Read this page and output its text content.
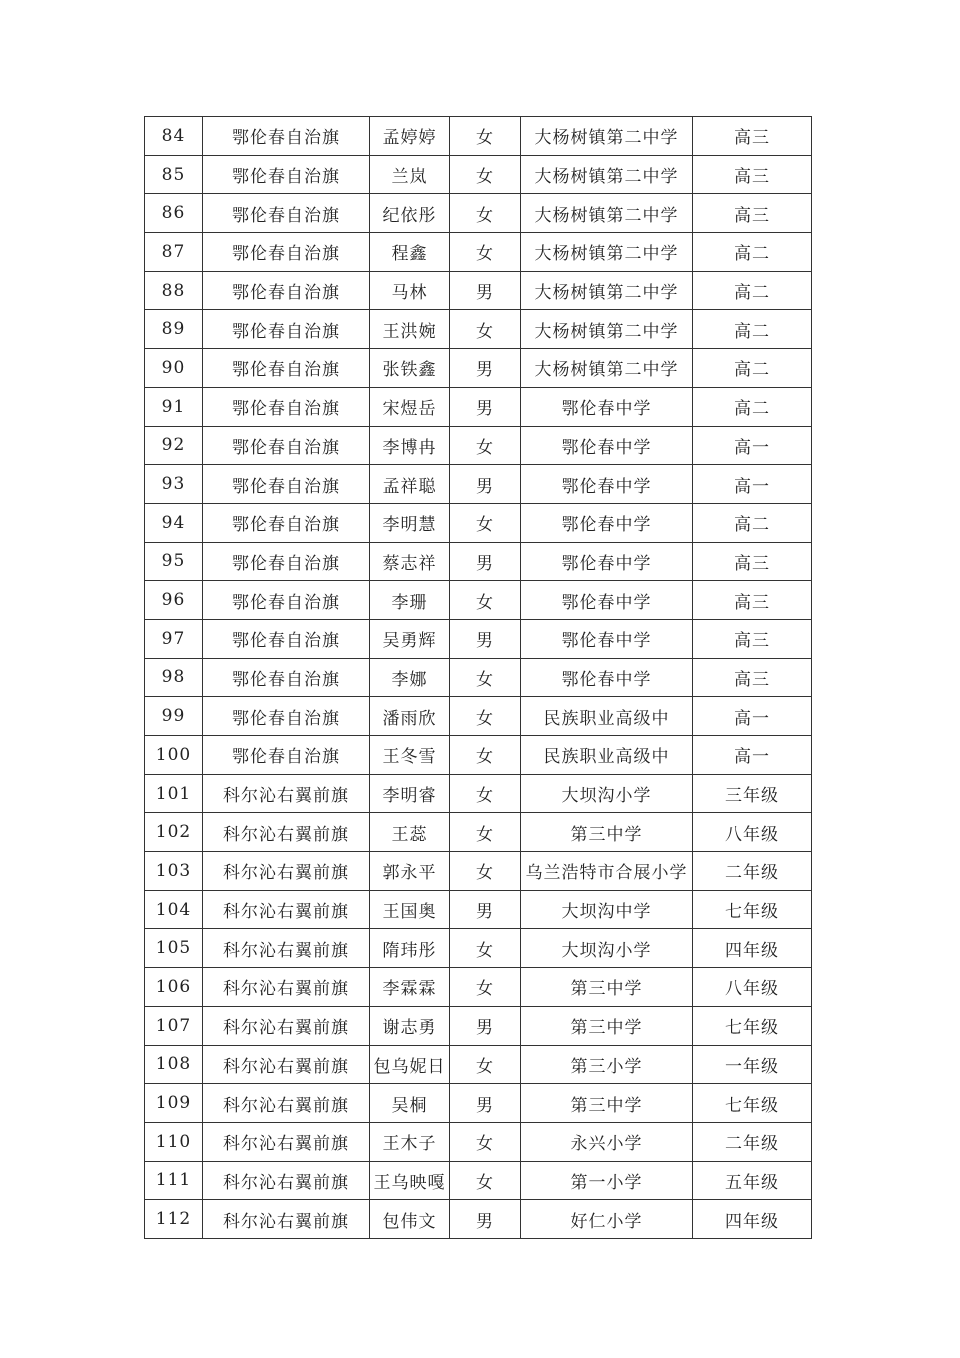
84	鄂伦春自治旗	孟婷婷	女	大杨树镇第二中学	高三
85	鄂伦春自治旗	兰岚	女	大杨树镇第二中学	高三
86	鄂伦春自治旗	纪依彤	女	大杨树镇第二中学	高三
87	鄂伦春自治旗	程鑫	女	大杨树镇第二中学	高二
88	鄂伦春自治旗	马林	男	大杨树镇第二中学	高二
89	鄂伦春自治旗	王洪婉	女	大杨树镇第二中学	高二
90	鄂伦春自治旗	张铁鑫	男	大杨树镇第二中学	高二
91	鄂伦春自治旗	宋煜岳	男	鄂伦春中学	高二
92	鄂伦春自治旗	李博冉	女	鄂伦春中学	高一
93	鄂伦春自治旗	孟祥聪	男	鄂伦春中学	高一
94	鄂伦春自治旗	李明慧	女	鄂伦春中学	高二
95	鄂伦春自治旗	蔡志祥	男	鄂伦春中学	高三
96	鄂伦春自治旗	李珊	女	鄂伦春中学	高三
97	鄂伦春自治旗	吴勇辉	男	鄂伦春中学	高三
98	鄂伦春自治旗	李娜	女	鄂伦春中学	高三
99	鄂伦春自治旗	潘雨欣	女	民族职业高级中	高一
100	鄂伦春自治旗	王冬雪	女	民族职业高级中	高一
101	科尔沁右翼前旗	李明睿	女	大坝沟小学	三年级
102	科尔沁右翼前旗	王蕊	女	第三中学	八年级
103	科尔沁右翼前旗	郭永平	女	乌兰浩特市合展小学	二年级
104	科尔沁右翼前旗	王国奥	男	大坝沟中学	七年级
105	科尔沁右翼前旗	隋玮彤	女	大坝沟小学	四年级
106	科尔沁右翼前旗	李霖霖	女	第三中学	八年级
107	科尔沁右翼前旗	谢志勇	男	第三中学	七年级
108	科尔沁右翼前旗	包乌妮日	女	第三小学	一年级
109	科尔沁右翼前旗	吴桐	男	第三中学	七年级
110	科尔沁右翼前旗	王木子	女	永兴小学	二年级
111	科尔沁右翼前旗	王乌映嘎	女	第一小学	五年级
112	科尔沁右翼前旗	包伟文	男	好仁小学	四年级
